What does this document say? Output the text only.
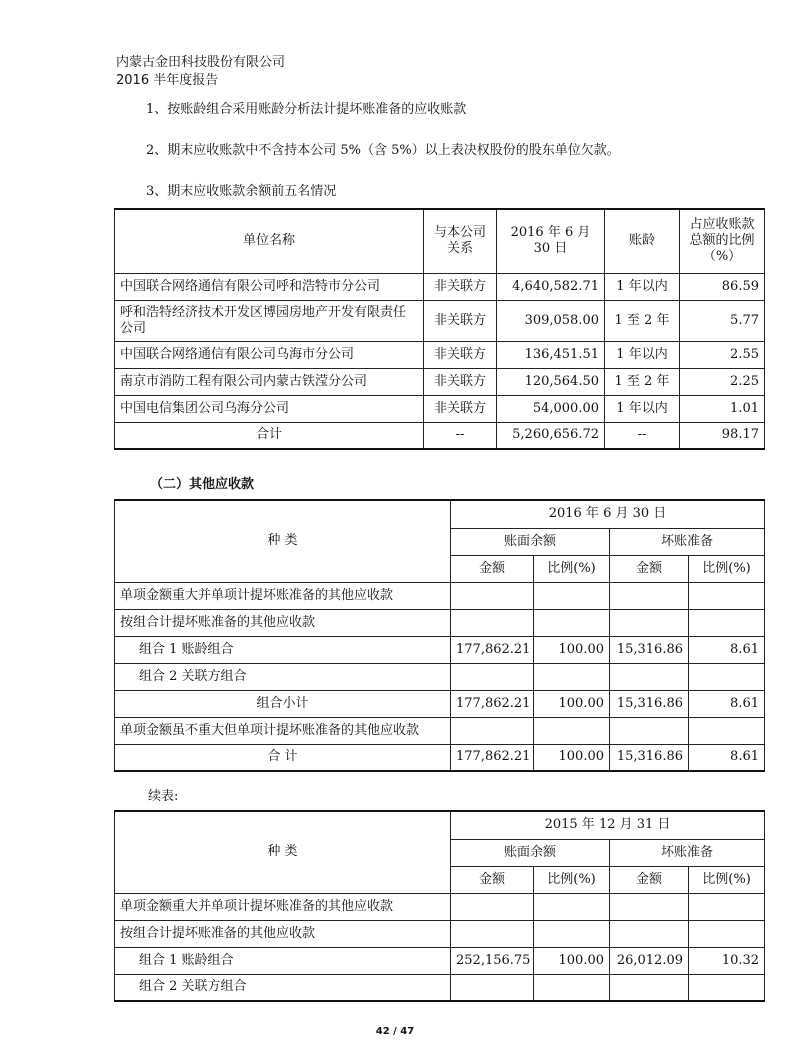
内蒙古金田科技股份有限公司
2016 半年度报告
1、按账龄组合采用账龄分析法计提坏账准备的应收账款
2、期末应收账款中不含持本公司 5%（含 5%）以上表决权股份的股东单位欠款。
3、期末应收账款余额前五名情况
单位名称	与本公司关系	2016 年 6 月 30 日	账龄	占应收账款总额的比例（%）
中国联合网络通信有限公司呼和浩特市分公司	非关联方	4,640,582.71	1 年以内	86.59
呼和浩特经济技术开发区博园房地产开发有限责任公司	非关联方	309,058.00	1 至 2 年	5.77
中国联合网络通信有限公司乌海市分公司	非关联方	136,451.51	1 年以内	2.55
南京市消防工程有限公司内蒙古铁滢分公司	非关联方	120,564.50	1 至 2 年	2.25
中国电信集团公司乌海分公司	非关联方	54,000.00	1 年以内	1.01
合计	--	5,260,656.72	--	98.17
（二）其他应收款
种 类	2016 年 6 月 30 日			
	账面余额		坏账准备	
	金额	比例(%)	金额	比例(%)
单项金额重大并单项计提坏账准备的其他应收款				
按组合计提坏账准备的其他应收款				
组合 1 账龄组合	177,862.21	100.00	15,316.86	8.61
组合 2 关联方组合				
组合小计	177,862.21	100.00	15,316.86	8.61
单项金额虽不重大但单项计提坏账准备的其他应收款				
合 计	177,862.21	100.00	15,316.86	8.61
续表:
种 类	2015 年 12 月 31 日			
	账面余额		坏账准备	
	金额	比例(%)	金额	比例(%)
单项金额重大并单项计提坏账准备的其他应收款				
按组合计提坏账准备的其他应收款				
组合 1 账龄组合	252,156.75	100.00	26,012.09	10.32
组合 2 关联方组合				
42 / 47
